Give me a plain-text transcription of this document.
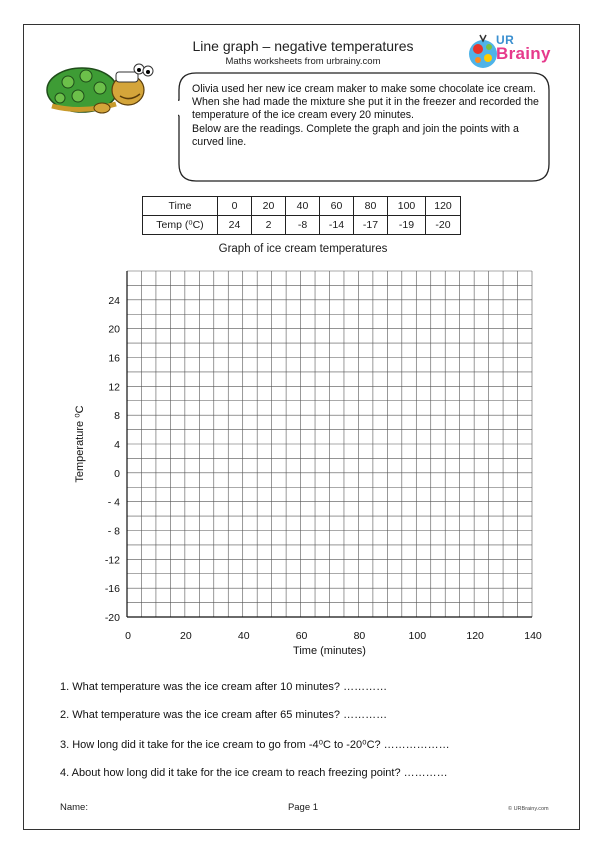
Line graph – negative temperatures
Maths worksheets from urbrainy.com
UR
Brainy

Olivia used her new ice cream maker to make some chocolate ice cream. When she had made the mixture she put it in the freezer and recorded the temperature of the ice cream every 20 minutes.

Below are the readings. Complete the graph and join the points with a curved line.

Time	0	20	40	60	80	100	120
Temp (⁰C)	24	2	-8	-14	-17	-19	-20
Graph of ice cream temperatures
0	20	40	60	80	100	120	140
24
20
16
12
8
4
0
- 4
- 8
-12
-16
-20
Time (minutes)
Temperature ⁰C
1. What temperature was the ice cream after 10 minutes? …………
2. What temperature was the ice cream after 65 minutes? …………
3. How long did it take for the ice cream to go from -4⁰C to -20⁰C? ………………
4. About how long did it take for the ice cream to reach freezing point? …………
Name:	Page 1	© URBrainy.com
